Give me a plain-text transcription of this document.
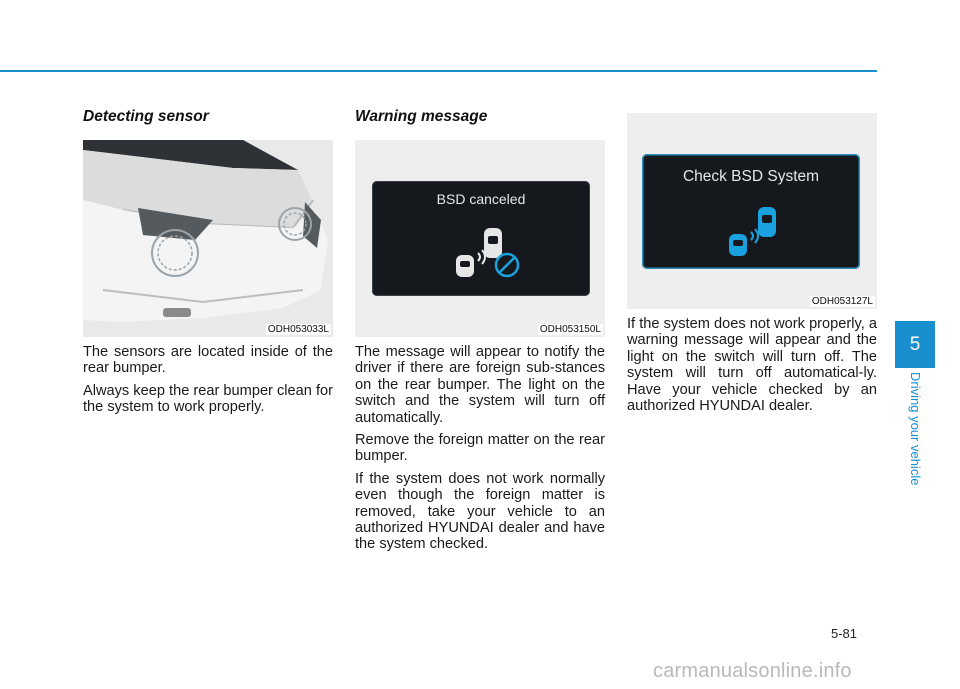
Detecting sensor
ODH053033L

The sensors are located inside of the rear bumper.

Always keep the rear bumper clean for the system to work properly.

Warning message
BSD canceled
ODH053150L

The message will appear to notify the driver if there are foreign sub-stances on the rear bumper. The light on the switch and the system will turn off automatically.

Remove the foreign matter on the rear bumper.

If the system does not work normally even though the foreign matter is removed, take your vehicle to an authorized HYUNDAI dealer and have the system checked.

Check BSD System
ODH053127L

If the system does not work properly, a warning message will appear and the light on the switch will turn off. The system will turn off automatical-ly. Have your vehicle checked by an authorized HYUNDAI dealer.

5
Driving your vehicle
5-81
carmanualsonline.info
